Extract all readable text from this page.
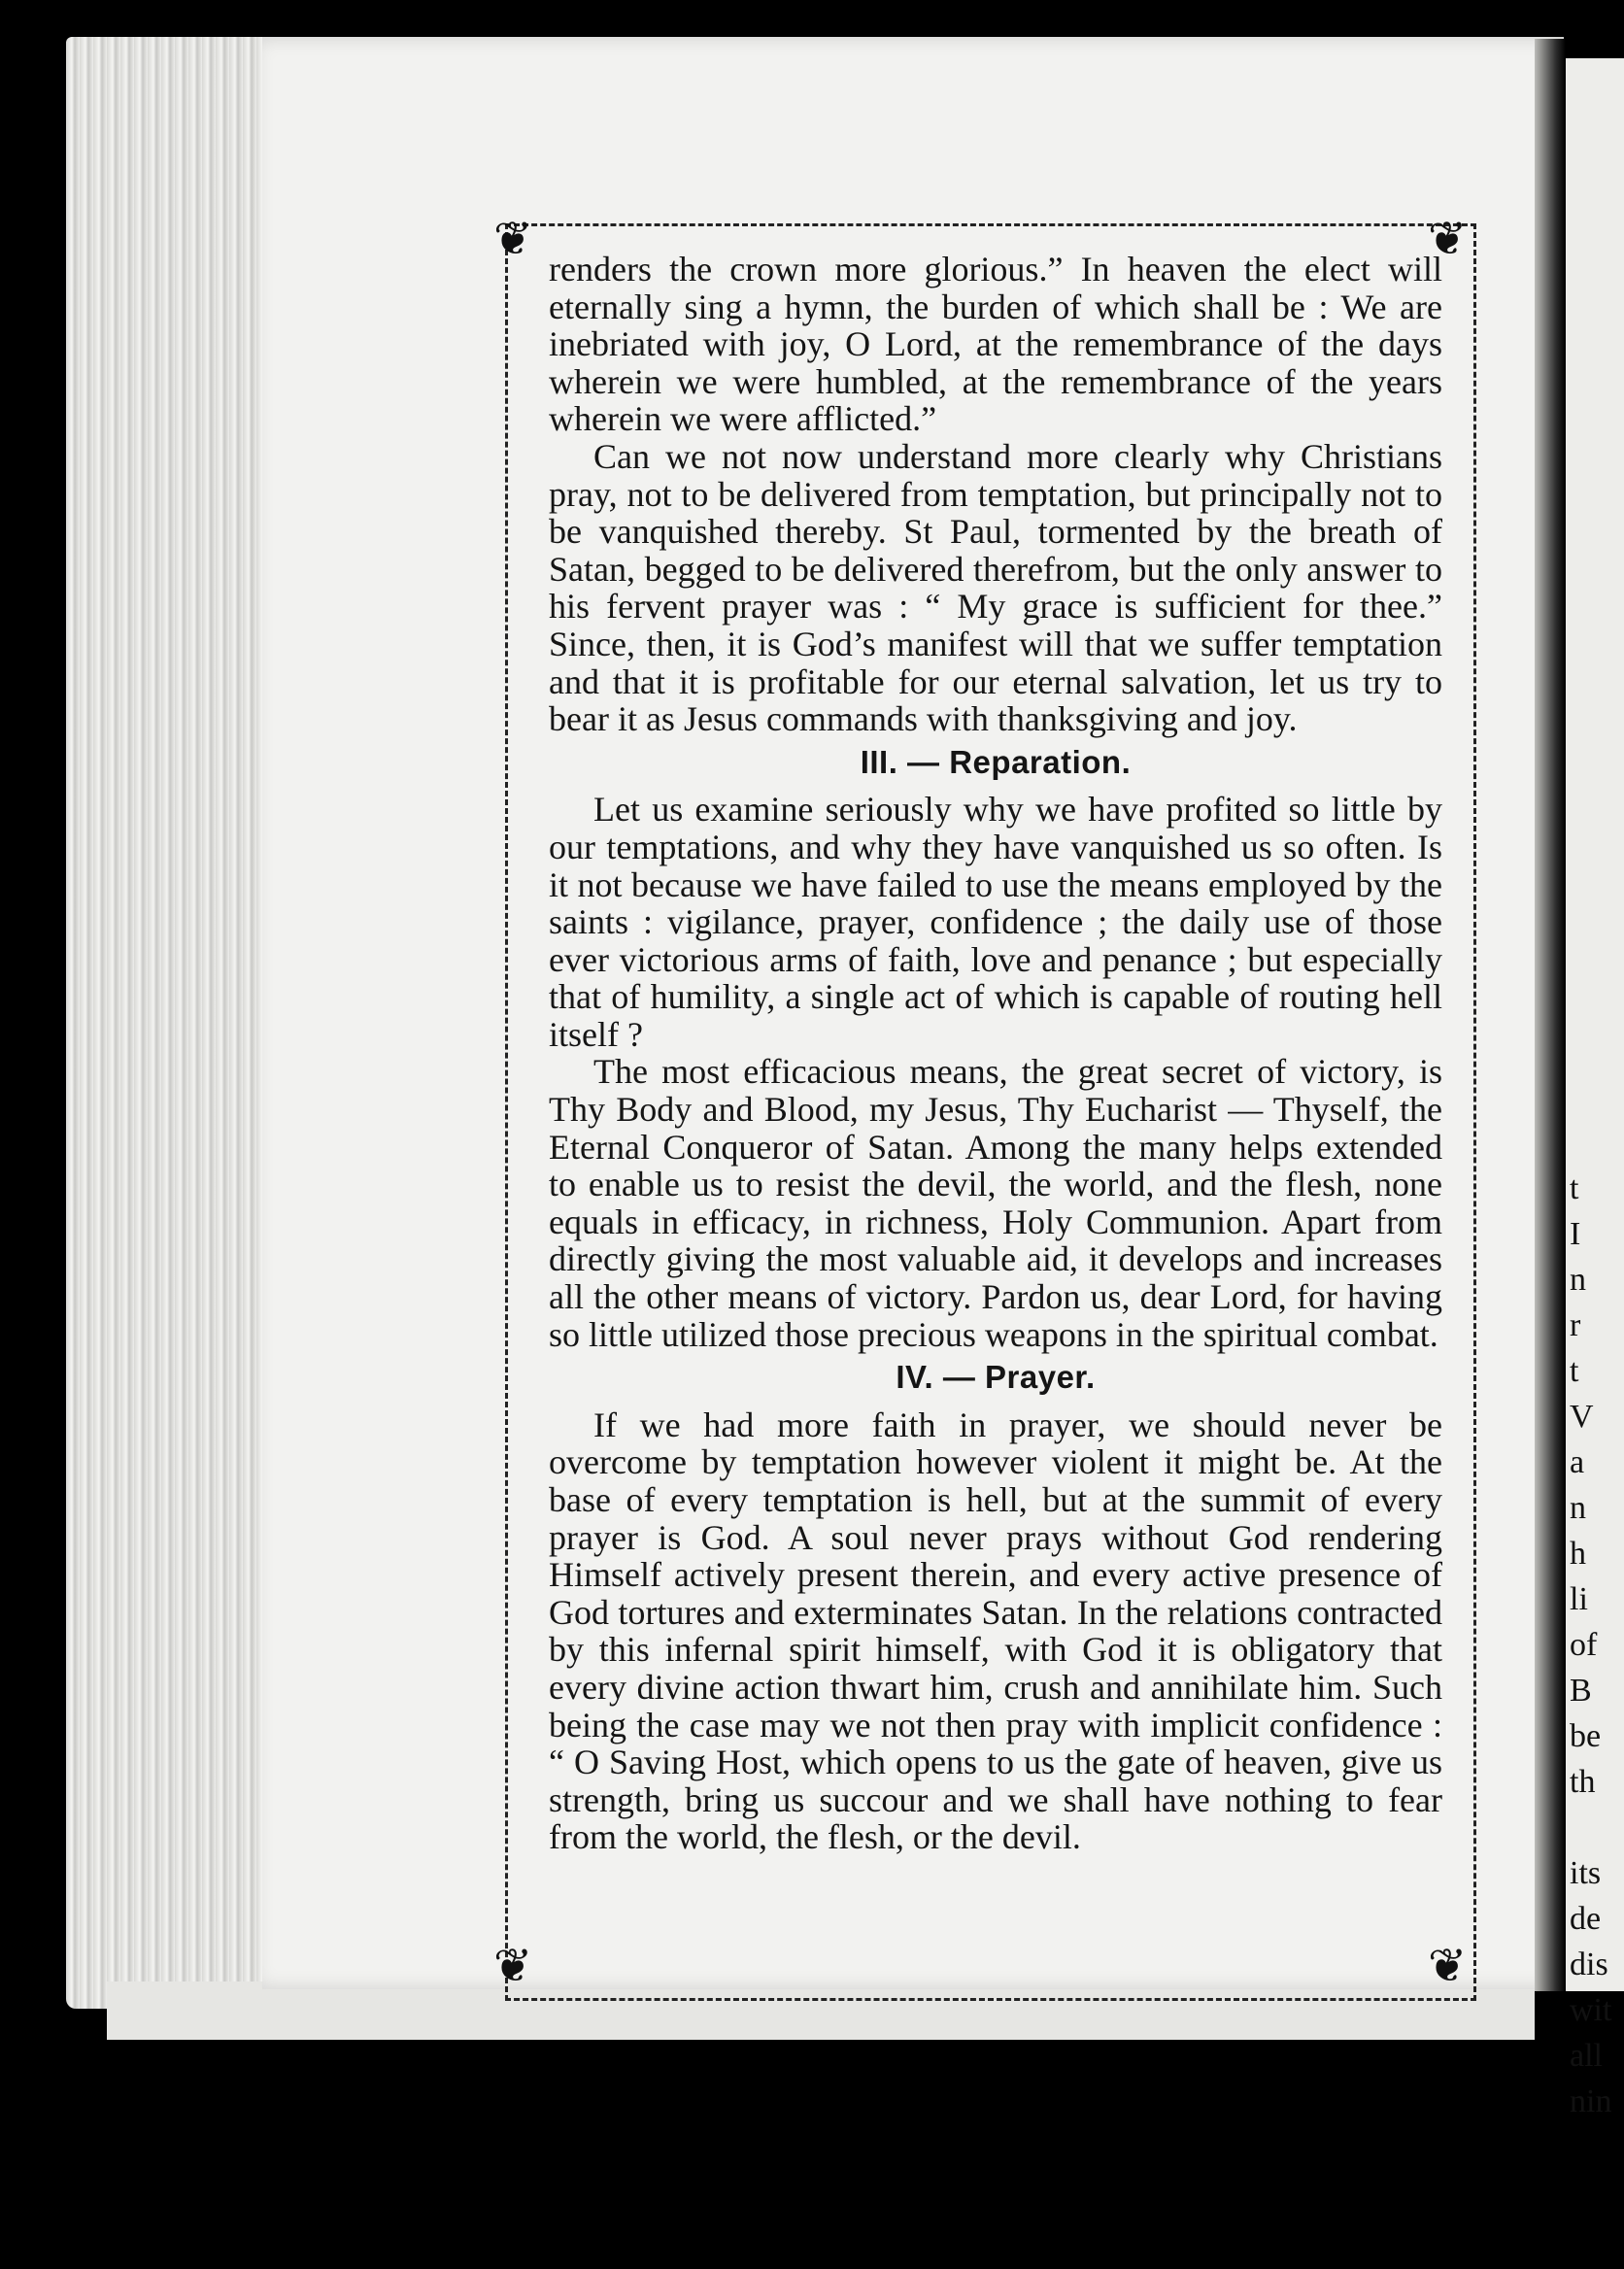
t
I
n
r
t
V
a
n
h
li
of
B
be
th
its
de
dis
wit
all
nin
❦	❦
❦	❦

renders the crown more glorious.” In heaven the elect will eternally sing a hymn, the burden of which shall be : We are inebriated with joy, O Lord, at the remembrance of the days wherein we were humbled, at the remembrance of the years wherein we were afflicted.”

Can we not now understand more clearly why Christians pray, not to be delivered from temptation, but principally not to be vanquished thereby. St Paul, tormented by the breath of Satan, begged to be delivered therefrom, but the only answer to his fervent prayer was : “ My grace is sufficient for thee.” Since, then, it is God’s manifest will that we suffer temptation and that it is profitable for our eternal salvation, let us try to bear it as Jesus commands with thanksgiving and joy.

III. — Reparation.

Let us examine seriously why we have profited so little by our temptations, and why they have vanquished us so often. Is it not because we have failed to use the means employed by the saints : vigilance, prayer, confidence ; the daily use of those ever victorious arms of faith, love and penance ; but especially that of humility, a single act of which is capable of routing hell itself ?

The most efficacious means, the great secret of victory, is Thy Body and Blood, my Jesus, Thy Eucharist — Thyself, the Eternal Conqueror of Satan. Among the many helps extended to enable us to resist the devil, the world, and the flesh, none equals in efficacy, in richness, Holy Communion. Apart from directly giving the most valuable aid, it develops and increases all the other means of victory. Pardon us, dear Lord, for having so little utilized those precious weapons in the spiritual combat.

IV. — Prayer.

If we had more faith in prayer, we should never be overcome by temptation however violent it might be. At the base of every temptation is hell, but at the summit of every prayer is God. A soul never prays without God rendering Himself actively present therein, and every active presence of God tortures and exterminates Satan. In the relations contracted by this infernal spirit himself, with God it is obligatory that every divine action thwart him, crush and annihilate him. Such being the case may we not then pray with implicit confidence : “ O Saving Host, which opens to us the gate of heaven, give us strength, bring us succour and we shall have nothing to fear from the world, the flesh, or the devil.
